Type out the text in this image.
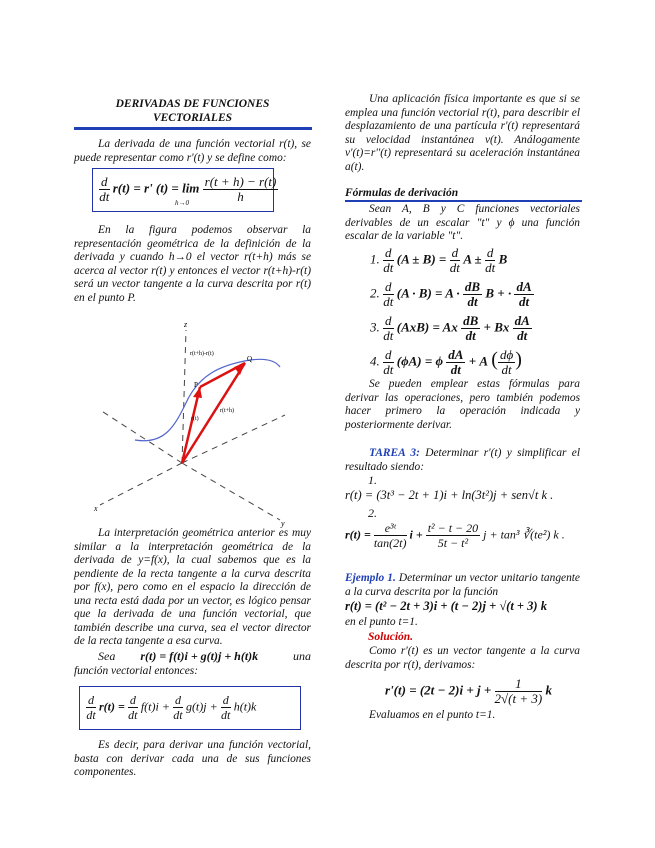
DERIVADAS DE FUNCIONES
VECTORIALES

La derivada de una función vectorial r(t), se puede representar como r'(t) y se define como:

$\frac{d}{dt} r(t) = r'$ $(t) = \lim \frac{r(t + h) - r(t)}{h}$
h→0

En la figura podemos observar la representación geométrica de la definición de la derivada y cuando h→0 el vector r(t+h) más se acerca al vector r(t) y entonces el vector r(t+h)-r(t) será un vector tangente a la curva descrita por r(t) en el punto P.

z
x
y
r(t+h)-r(t)
r(t)
r(t+h)
P
Q

La interpretación geométrica anterior es muy similar a la interpretación geométrica de la derivada de y=f(x), la cual sabemos que es la pendiente de la recta tangente a la curva descrita por f(x), pero como en el espacio la dirección de una recta está dada por un vector, es lógico pensar que la derivada de una función vectorial, que también describe una curva, sea el vector director de la recta tangente a esa curva.

Sea r(t) = f(t)i + g(t)j + h(t)k	una
función vectorial entonces:
$\frac{d}{dt} r(t) = \frac{d}{dt} f(t)i + \frac{d}{dt} g(t)j + \frac{d}{dt} h(t)k$

Es decir, para derivar una función vectorial, basta con derivar cada una de sus funciones componentes.

Una aplicación física importante es que si se emplea una función vectorial r(t), para describir el desplazamiento de una partícula r'(t) representará su velocidad instantánea v(t). Análogamente v'(t)=r''(t) representará su aceleración instantánea a(t).

Fórmulas de derivación

Sean A, B y C funciones vectoriales derivables de un escalar "t" y ϕ una función escalar de la variable "t".

1. $\frac{d}{dt} (A \pm B) = \frac{d}{dt}$ $A \pm \frac{d}{dt}$ B
2. $\frac{d}{dt} (A \cdot B) = A \cdot \frac{dB}{dt}$ B + · $\frac{dA}{dt}$
3. $\frac{d}{dt} (AxB) = Ax \frac{dB}{dt} + Bx \frac{dA}{dt}$
4. $\frac{d}{dt} (\phi A) = \phi \frac{dA}{dt} + A$ ( $\frac{d\phi}{dt}$ )

Se pueden emplear estas fórmulas para derivar las operaciones, pero también podemos hacer primero la operación indicada y posteriormente derivar.

TAREA 3: Determinar r'(t) y simplificar el resultado siendo:
1.
r(t) = (3t³ − 2t + 1)i + ln(3t²)j + sen√t k .
2.
$r(t) = \frac{\text{e³ᵗ}}{\tan(2t)}$ $i + \frac{\text{t² − t − 20}}{\text{5t − t²}}$ j + tan³ ∛(te²) k .
Ejemplo 1. Determinar un vector unitario tangente a la curva descrita por la función
r(t) = (t² − 2t + 3)i + (t − 2)j + √(t + 3) k
en el punto t=1.
Solución.

Como r'(t) es un vector tangente a la curva descrita por r(t), derivamos:

$r'(t) = (2t - 2)i + j + \frac{1}{2√(t + 3)}$ k
Evaluamos en el punto t=1.
